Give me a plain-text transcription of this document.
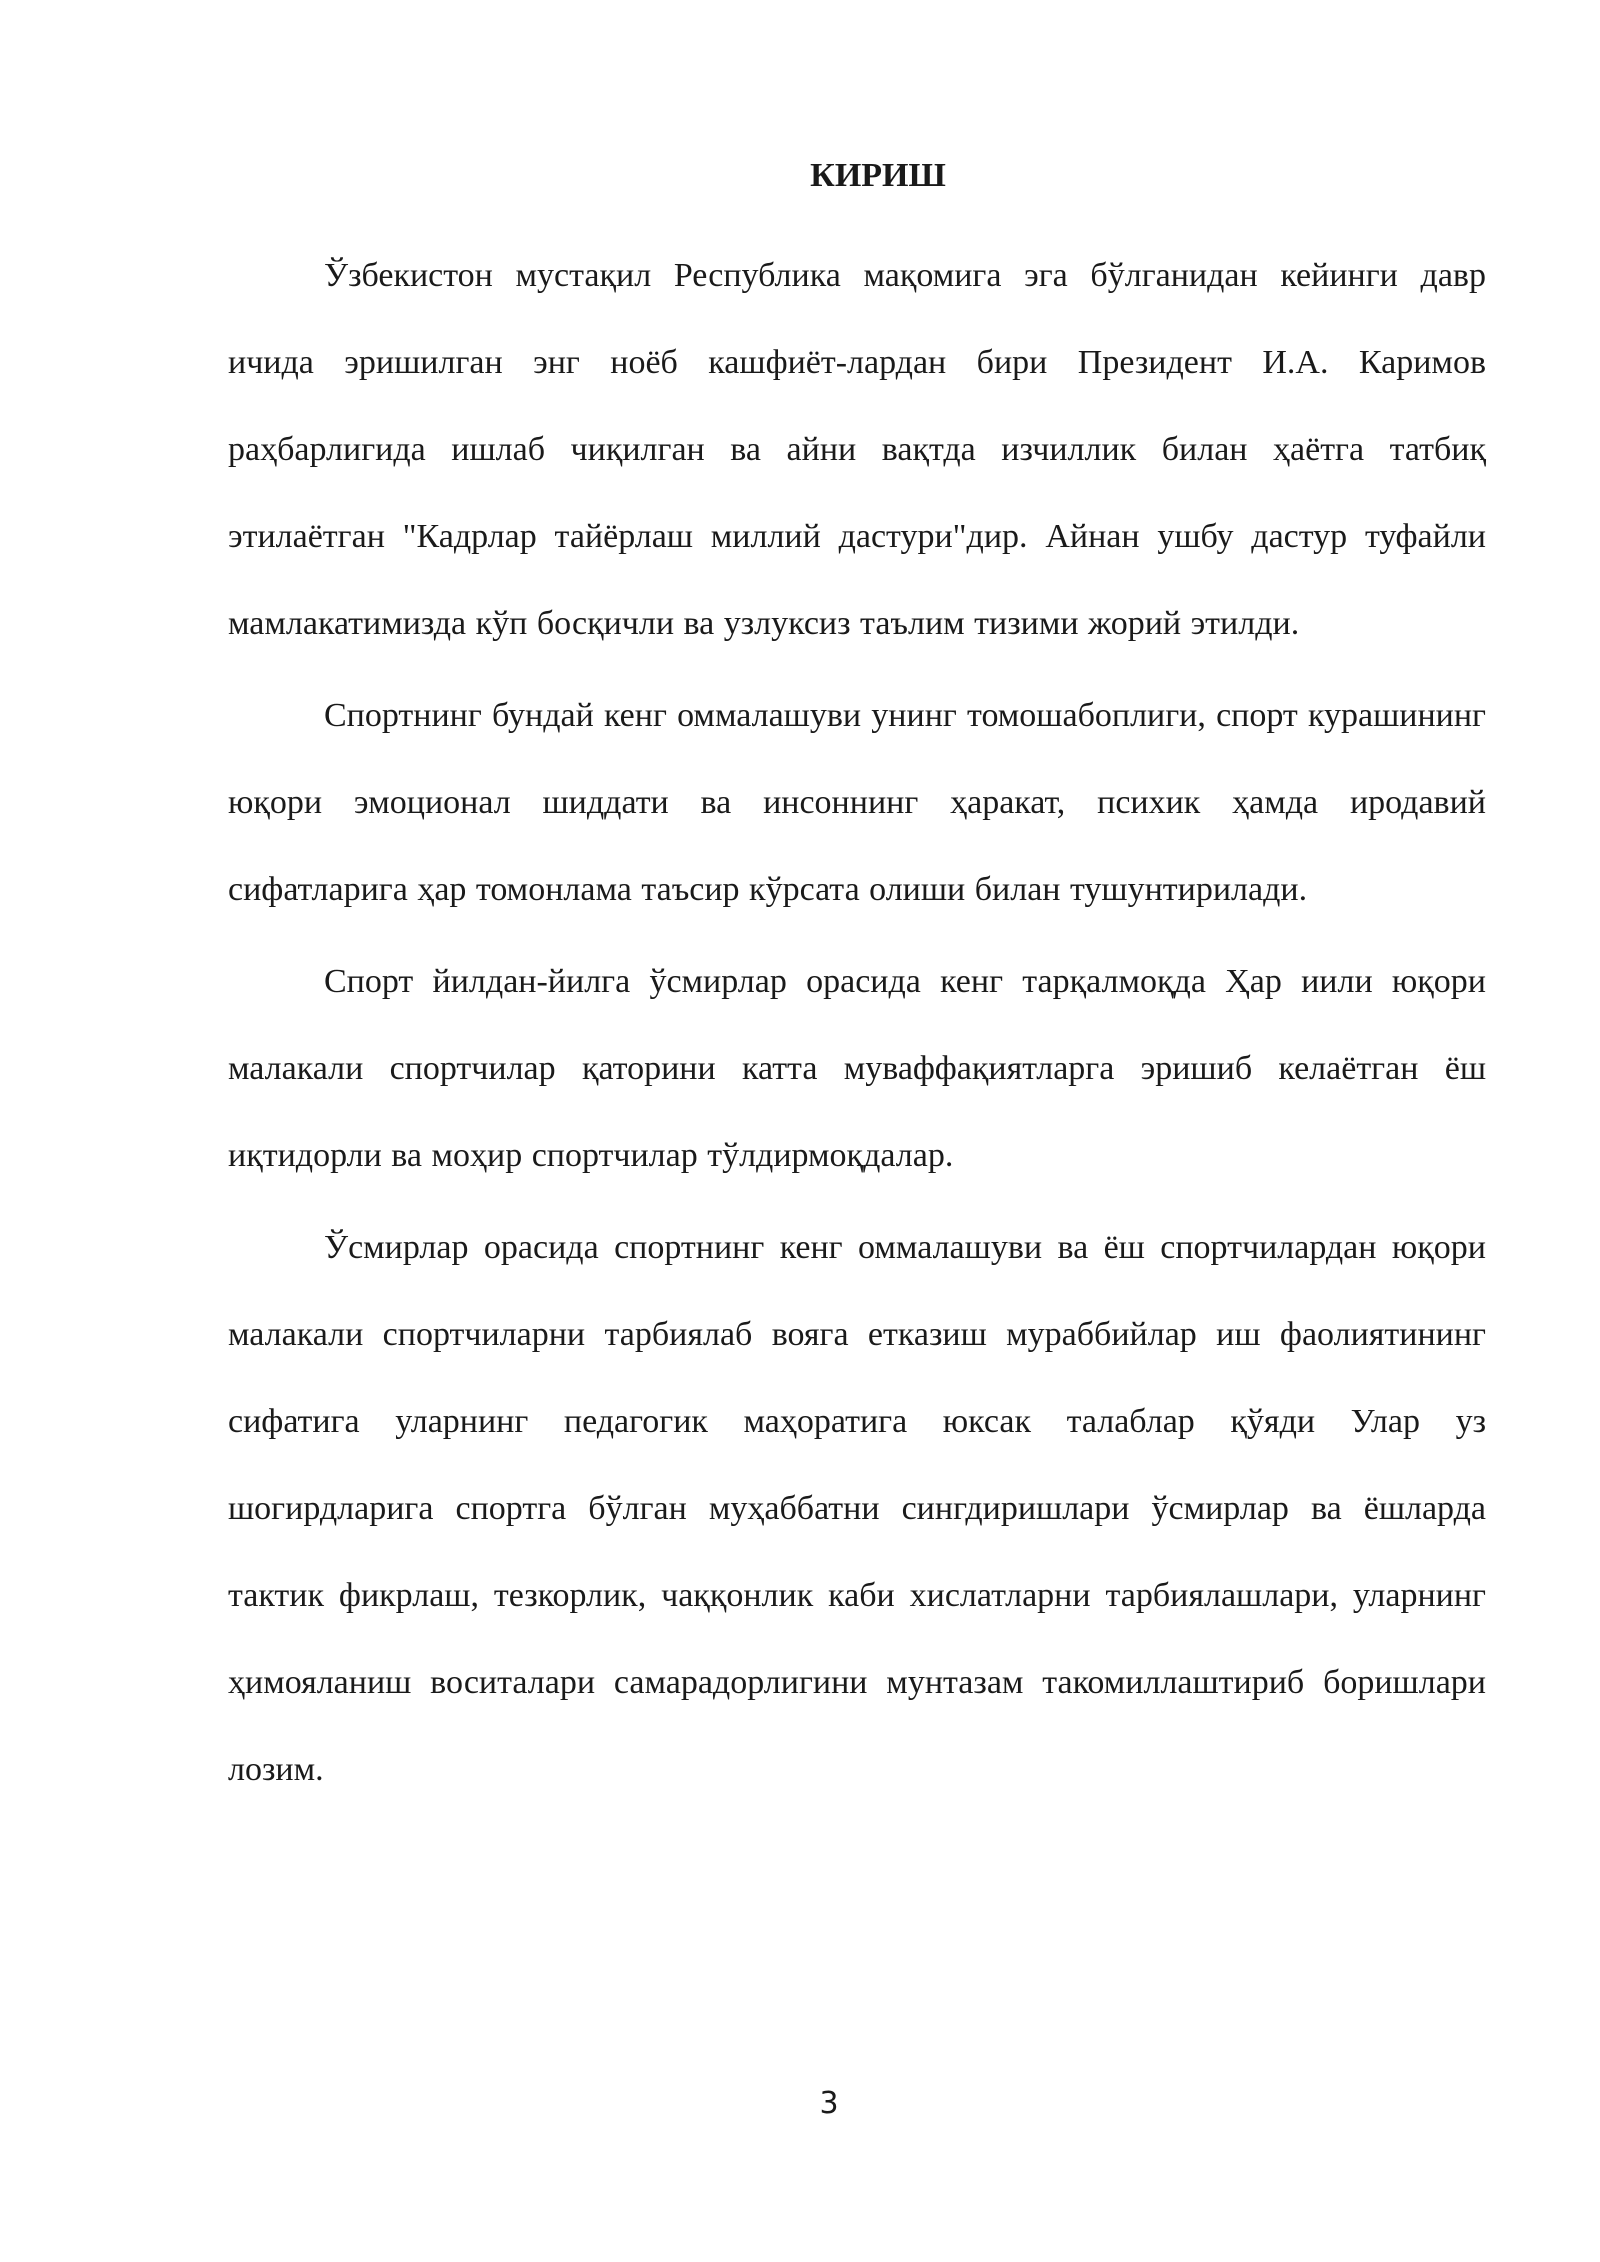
КИРИШ

Ўзбекистон мустақил Республика мақомига эга бўлганидан кейинги давр ичида эришилган энг ноёб кашфиёт-лардан бири Президент И.А. Каримов раҳбарлигида ишлаб чиқилган ва айни вақтда изчиллик билан ҳаётга татбиқ этилаётган "Кадрлар тайёрлаш миллий дастури"дир. Айнан ушбу дастур туфайли мамлакатимизда кўп босқичли ва узлуксиз таълим тизими жорий этилди.

Спортнинг бундай кенг оммалашуви унинг томошабоплиги, спорт курашининг юқори эмоционал шиддати ва инсоннинг ҳаракат, психик ҳамда иродавий сифатларига ҳар томонлама таъсир кўрсата олиши билан тушунтирилади.

Спорт йилдан-йилга ўсмирлар орасида кенг тарқалмоқда Ҳар иили юқори малакали спортчилар қаторини катта муваффақиятларга эришиб келаётган ёш иқтидорли ва моҳир спортчилар тўлдирмоқдалар.

Ўсмирлар орасида спортнинг кенг оммалашуви ва ёш спортчилардан юқори малакали спортчиларни тарбиялаб вояга етказиш мураббийлар иш фаолиятининг сифатига уларнинг педагогик маҳоратига юксак талаблар қўяди Улар уз шогирдларига спортга бўлган муҳаббатни сингдиришлари ўсмирлар ва ёшларда тактик фикрлаш, тезкорлик, чаққонлик каби хислатларни тарбиялашлари, уларнинг ҳимояланиш воситалари самарадорлигини мунтазам такомиллаштириб боришлари лозим.

3
